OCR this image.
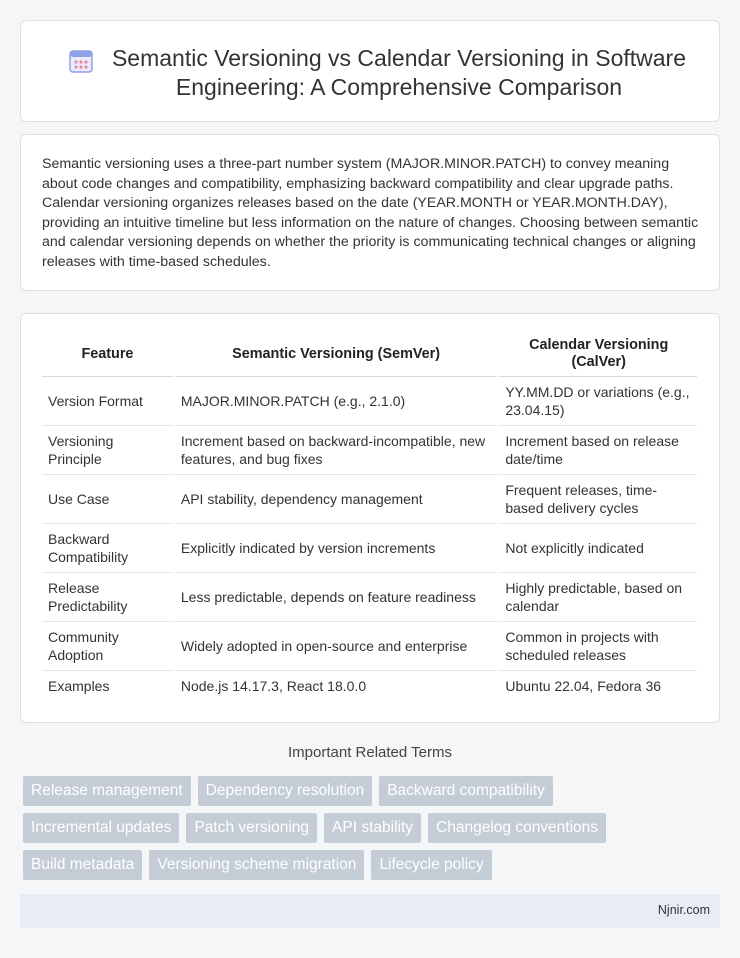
Semantic Versioning vs Calendar Versioning in Software Engineering: A Comprehensive Comparison

Semantic versioning uses a three-part number system (MAJOR.MINOR.PATCH) to convey meaning about code changes and compatibility, emphasizing backward compatibility and clear upgrade paths. Calendar versioning organizes releases based on the date (YEAR.MONTH or YEAR.MONTH.DAY), providing an intuitive timeline but less information on the nature of changes. Choosing between semantic and calendar versioning depends on whether the priority is communicating technical changes or aligning releases with time-based schedules.

Feature	Semantic Versioning (SemVer)	Calendar Versioning (CalVer)
Version Format	MAJOR.MINOR.PATCH (e.g., 2.1.0)	YY.MM.DD or variations (e.g., 23.04.15)
Versioning Principle	Increment based on backward-incompatible, new features, and bug fixes	Increment based on release date/time
Use Case	API stability, dependency management	Frequent releases, time-based delivery cycles
Backward Compatibility	Explicitly indicated by version increments	Not explicitly indicated
Release Predictability	Less predictable, depends on feature readiness	Highly predictable, based on calendar
Community Adoption	Widely adopted in open-source and enterprise	Common in projects with scheduled releases
Examples	Node.js 14.17.3, React 18.0.0	Ubuntu 22.04, Fedora 36
Important Related Terms
Release management	Dependency resolution	Backward compatibility
Incremental updates	Patch versioning	API stability	Changelog conventions
Build metadata	Versioning scheme migration	Lifecycle policy
Njnir.com
